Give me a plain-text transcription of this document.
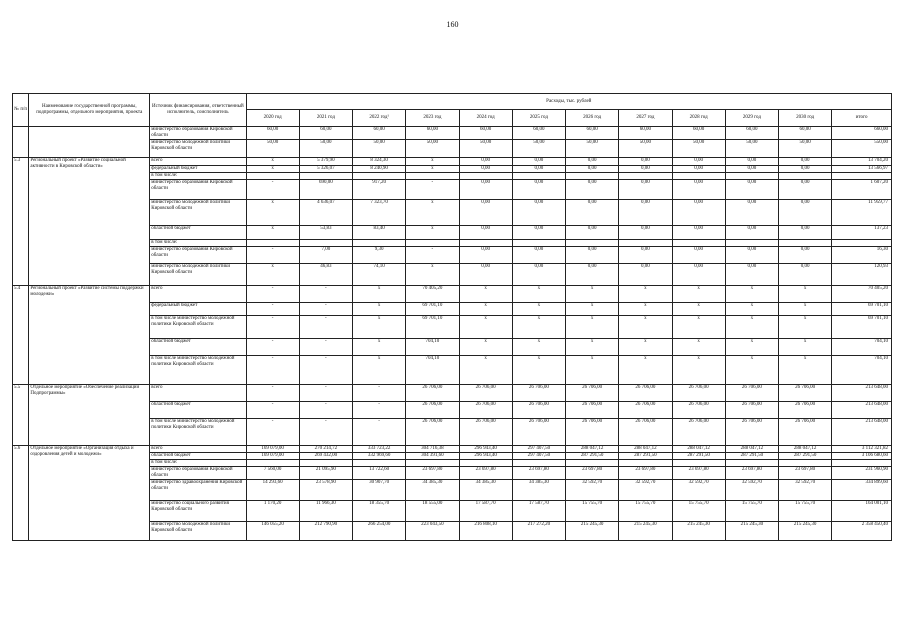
160
№ п/п	Наименование государственной программы, подпрограммы, отдельного мероприятия, проекта	Источник финансирования, ответственный исполнитель, соисполнитель	Расходы, тыс. рублей											
			2020 год	2021 год	2022 год¹	2023 год	2024 год	2025 год	2026 год	2027 год	2028 год	2029 год	2030 год	итого
		министерство образования Кировской области	60,00	60,00	60,00	60,00	60,00	60,00	60,00	60,00	60,00	60,00	60,00	660,00
		министерство молодежной политики Кировской области	50,00	50,00	50,00	50,00	50,00	50,00	50,00	50,00	50,00	50,00	50,00	550,00
5.3	Региональный проект «Развитие социальной активности в Кировской области»	всего	x	5 379,90	8 324,30	x	0,00	0,00	0,00	0,00	0,00	0,00	0,00	13 704,20
		федеральный бюджет	x	5 326,07	8 240,90	x	0,00	0,00	0,00	0,00	0,00	0,00	0,00	13 566,97
		в том числе:												
		министерство образования Кировской области	-	690,00	917,20	-	0,00	0,00	0,00	0,00	0,00	0,00	0,00	1 607,20
		министерство молодежной политики Кировской области	x	4 636,07	7 323,70	x	0,00	0,00	0,00	0,00	0,00	0,00	0,00	11 959,77
		областной бюджет	x	53,83	83,40	x	0,00	0,00	0,00	0,00	0,00	0,00	0,00	137,23
		в том числе:												
		министерство образования Кировской области	-	7,00	9,30	-	0,00	0,00	0,00	0,00	0,00	0,00	0,00	16,30
		министерство молодежной политики Кировской области	x	46,83	74,10	x	0,00	0,00	0,00	0,00	0,00	0,00	0,00	120,93
5.4	Региональный проект «Развитие системы поддержки молодежи»	всего	-	-	x	70 405,20	x	x	x	x	x	x	x	70 405,20
		федеральный бюджет	-	-	x	69 701,10	x	x	x	x	x	x	x	69 701,10
		в том числе министерство молодежной политики Кировской области	-	-	x	69 701,10	x	x	x	x	x	x	x	69 701,10
		областной бюджет	-	-	x	704,10	x	x	x	x	x	x	x	704,10
		в том числе министерство молодежной политики Кировской области	-	-	x	704,10	x	x	x	x	x	x	x	704,10
5.5	Отдельное мероприятие «Обеспечение реализации Подпрограммы»	всего	-	-	-	26 706,00	26 706,00	26 706,00	26 706,00	26 706,00	26 706,00	26 706,00	26 706,00	213 648,00
		областной бюджет	-	-	-	26 706,00	26 706,00	26 706,00	26 706,00	26 706,00	26 706,00	26 706,00	26 706,00	213 648,00
		в том числе министерство молодежной политики Кировской области	-	-	-	26 706,00	26 706,00	26 706,00	26 706,00	26 706,00	26 706,00	26 706,00	26 706,00	213 648,00
5.6	Отдельное мероприятие «Организация отдыха и оздоровления детей и молодежи»	всего	169 079,00	270 214,72	333 723,22	304 716,38	296 943,40	297 407,50	288 047,12	288 047,12	288 047,12	288 047,12	288 047,12	3 112 321,82
		областной бюджет	169 079,00	269 432,00	332 969,60	304 391,60	296 943,40	297 407,50	287 291,50	287 291,50	287 291,50	287 291,50	287 291,50	3 106 680,60
		в том числе:												
		министерство образования Кировской области	7 560,00	21 095,90	13 722,60	23 697,80	23 697,80	23 697,80	23 697,80	23 697,80	23 697,80	23 697,80	23 697,80	231 960,90
		министерство здравоохранения Кировской области	14 293,60	23 578,90	30 907,70	34 385,30	34 385,30	34 385,30	32 592,70	32 592,70	32 592,70	32 592,70	32 592,70	334 899,60
		министерство социального развития Кировской области	1 170,20	11 966,30	18 355,70	18 555,00	17 587,70	17 587,70	15 755,70	15 755,70	15 755,70	15 755,70	15 755,70	164 001,10
		министерство молодежной политики Кировской области	146 055,20	212 790,90	266 254,00	223 043,50	216 808,10	217 272,20	215 245,30	215 245,30	215 245,30	215 245,30	215 245,30	2 358 450,40
